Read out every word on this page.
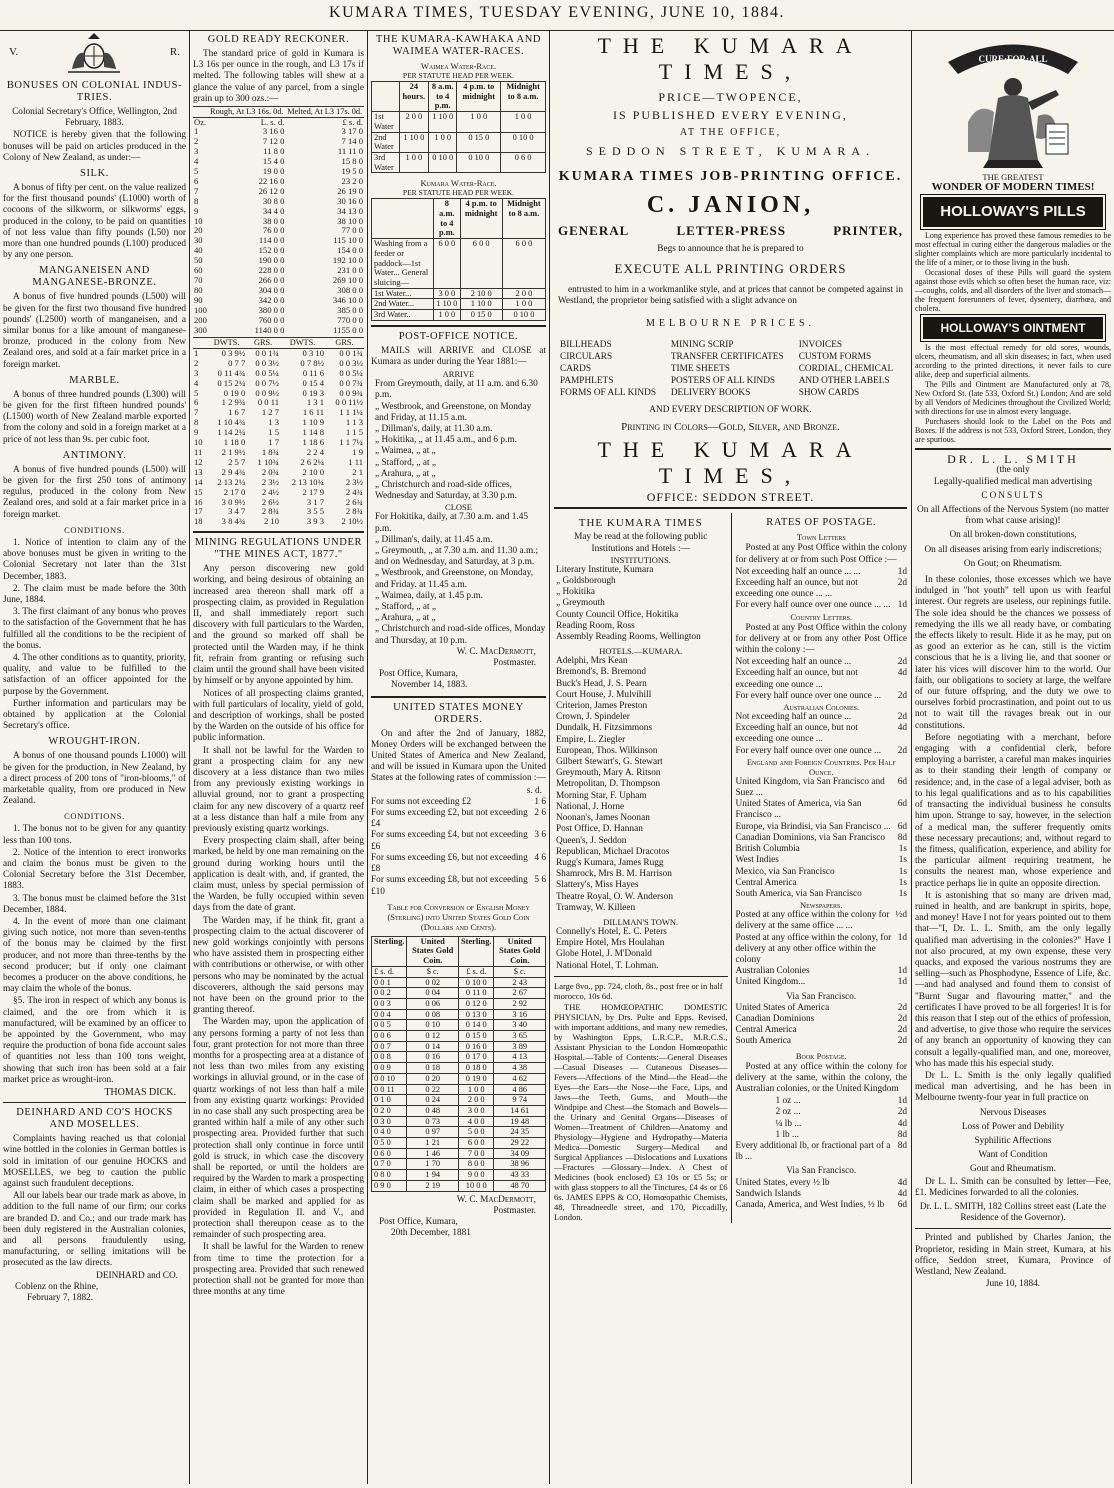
KUMARA TIMES, TUESDAY EVENING, JUNE 10, 1884.
V.	R.
BONUSES ON COLONIAL INDUS- TRIES.
Colonial Secretary's Office, Wellington, 2nd February, 1883.
NOTICE is hereby given that the following bonuses will be paid on articles produced in the Colony of New Zealand, as under:—
SILK.
A bonus of fifty per cent. on the value realized for the first thousand pounds' (L1000) worth of cocoons of the silkworm, or silkworms' eggs, produced in the colony, to be paid on quantities of not less value than fifty pounds (L50) nor more than one hundred pounds (L100) produced by any one person.
MANGANEISEN AND MANGANESE-BRONZE.
A bonus of five hundred pounds (L500) will be given for the first two thousand five hundred pounds' (L2500) worth of manganeisen, and a similar bonus for a like amount of manganese-bronze, produced in the colony from New Zealand ores, and sold at a fair market price in a foreign market.
MARBLE.
A bonus of three hundred pounds (L300) will be given for the first fifteen hundred pounds' (L1500) worth of New Zealand marble exported from the colony and sold in a foreign market at a price of not less than 9s. per cubic foot.
ANTIMONY.
A bonus of five hundred pounds (L500) will be given for the first 250 tons of antimony regulus, produced in the colony from New Zealand ores, and sold at a fair market price in a foreign market.
CONDITIONS.
1. Notice of intention to claim any of the above bonuses must be given in writing to the Colonial Secretary not later than the 31st December, 1883.
2. The claim must be made before the 30th June, 1884.
3. The first claimant of any bonus who proves to the satisfaction of the Government that he has fulfilled all the conditions to be the recipient of the bonus.
4. The other conditions as to quantity, priority, quality, and value to be fulfilled to the satisfaction of an officer appointed for the purpose by the Government.
Further information and particulars may be obtained by application at the Colonial Secretary's office.
WROUGHT-IRON.
A bonus of one thousand pounds L1000) will be given for the production, in New Zealand, by a direct process of 200 tons of "iron-blooms," of marketable quality, from ore produced in New Zealand.
CONDITIONS.
1. The bonus not to be given for any quantity less than 100 tons.
2. Notice of the intention to erect ironworks and claim the bonus must be given to the Colonial Secretary before the 31st December, 1883.
3. The bonus must be claimed before the 31st December, 1884.
4. In the event of more than one claimant giving such notice, not more than seven-tenths of the bonus may be claimed by the first producer, and not more than three-tenths by the second producer; but if only one claimant becomes a producer on the above conditions, he may claim the whole of the bonus.
§5. The iron in respect of which any bonus is claimed, and the ore from which it is manufactured, will be examined by an officer to be appointed by the Government, who may require the production of bona fide account sales of quantities not less than 100 tons weight, showing that such iron has been sold at a fair market price as wrought-iron.
THOMAS DICK.
DEINHARD AND CO'S HOCKS AND MOSELLES.
Complaints having reached us that colonial wine bottled in the colonies in German bottles is sold in imitation of our genuine HOCKS and MOSELLES, we beg to caution the public against such fraudulent deceptions.
All our labels bear our trade mark as above, in addition to the full name of our firm; our corks are branded D. and Co.; and our trade mark has been duly registered in the Australian colonies, and all persons fraudulently using, manufacturing, or selling imitations will be prosecuted as the law directs.
DEINHARD and CO.
Coblenz on the Rhine,
February 7, 1882.
GOLD READY RECKONER.
The standard price of gold in Kumara is L3 16s per ounce in the rough, and L3 17s if melted. The following tables will shew at a glance the value of any parcel, from a single grain up to 300 ozs.:—
	Rough, At L3 16s. 0d.	Melted, At L3 17s. 0d.
Oz.	L. s. d.	£ s. d.
1	3 16 0	3 17 0
2	7 12 0	7 14 0
3	11 8 0	11 11 0
4	15 4 0	15 8 0
5	19 0 0	19 5 0
6	22 16 0	23 2 0
7	26 12 0	26 19 0
8	30 8 0	30 16 0
9	34 4 0	34 13 0
10	38 0 0	38 10 0
20	76 0 0	77 0 0
30	114 0 0	115 10 0
40	152 0 0	154 0 0
50	190 0 0	192 10 0
60	228 0 0	231 0 0
70	266 0 0	269 10 0
80	304 0 0	308 0 0
90	342 0 0	346 10 0
100	380 0 0	385 0 0
200	760 0 0	770 0 0
300	1140 0 0	1155 0 0
	DWTS.	GRS.	DWTS.	GRS.
1	0 3 9½	0 0 1¾	0 3 10	0 0 1¾
2	0 7 7	0 0 3½	0 7 8½	0 0 3½
3	0 11 4¾	0 0 5¼	0 11 6	0 0 5¼
4	0 15 2¼	0 0 7½	0 15 4	0 0 7¾
5	0 19 0	0 0 9½	0 19 3	0 0 9¾
6	1 2 9¾	0 0 11	1 3 1	0 0 11½
7	1 6 7	1 2 7	1 6 11	1 1 1¼
8	1 10 4¾	1 3	1 10 9	1 1 3
9	1 14 2¼	1 5	1 14 8	1 1 5
10	1 18 0	1 7	1 18 6	1 1 7¼
11	2 1 9½	1 8¾	2 2 4	1 9
12	2 5 7	1 10¾	2 6 2¼	1 11
13	2 9 4¾	2 0¾	2 10 0	2 1
14	2 13 2¼	2 3½	2 13 10¾	2 3½
15	2 17 0	2 4½	2 17 9	2 4¾
16	3 0 9½	2 6½	3 1 7	2 6¾
17	3 4 7	2 8¾	3 5 5	2 8¾
18	3 8 4¾	2 10	3 9 3	2 10½
MINING REGULATIONS UNDER "THE MINES ACT, 1877."
Any person discovering new gold working, and being desirous of obtaining an increased area thereon shall mark off a prospecting claim, as provided in Regulation II, and shall immediately report such discovery with full particulars to the Warden, and the ground so marked off shall be protected until the Warden may, if he think fit, refrain from granting or refusing such claim until the ground shall have been visited by himself or by anyone appointed by him.
Notices of all prospecting claims granted, with full particulars of locality, yield of gold, and description of workings, shall be posted by the Warden on the outside of his office for public information.
It shall not be lawful for the Warden to grant a prospecting claim for any new discovery at a less distance than two miles from any previously existing workings in alluvial ground, nor to grant a prospecting claim for any new discovery of a quartz reef at a less distance than half a mile from any previously existing quartz workings.
Every prospecting claim shall, after being marked, be held by one man remaining on the ground during working hours until the application is dealt with, and, if granted, the claim must, unless by special permission of the Warden, be fully occupied within seven days from the date of grant.
The Warden may, if he think fit, grant a prospecting claim to the actual discoverer of new gold workings conjointly with persons who have assisted them in prospecting either with contributions or otherwise, or with other persons who may be nominated by the actual discoverers, although the said persons may not have been on the ground prior to the granting thereof.
The Warden may, upon the application of any persons forming a party of not less than four, grant protection for not more than three months for a prospecting area at a distance of not less than two miles from any existing workings in alluvial ground, or in the case of quartz workings of not less than half a mile from any existing quartz workings: Provided in no case shall any such prospecting area be granted within half a mile of any other such prospecting area. Provided further that such protection shall only continue in force until gold is struck, in which case the discovery shall be reported, or until the holders are required by the Warden to mark a prospecting claim, in either of which cases a prospecting claim shall be marked and applied for as provided in Regulation II. and V., and protection shall thereupon cease as to the remainder of such prospecting area.
It shall be lawful for the Warden to renew from time to time the protection for a prospecting area. Provided that such renewed protection shall not be granted for more than three months at any time
THE KUMARA-KAWHAKA AND WAIMEA WATER-RACES.
Waimea Water-Race.
PER STATUTE HEAD PER WEEK.
	24 hours.	8 a.m. to 4 p.m.	4 p.m. to midnight	Midnight to 8 a.m.
1st Water	2 0 0	1 10 0	1 0 0	1 0 0
2nd Water	1 10 0	1 0 0	0 15 0	0 10 0
3rd Water	1 0 0	0 10 0	0 10 0	0 6 0
Kumara Water-Race.
PER STATUTE HEAD PER WEEK.
	8 a.m. to 4 p.m.	4 p.m. to midnight	Midnight to 8 a.m.
Washing from a feeder or paddock—1st Water... General sluicing—	6 0 0	6 0 0	6 0 0
1st Water...	3 0 0	2 10 0	2 0 0
2nd Water...	1 10 0	1 10 0	1 0 0
3rd Water..	1 0 0	0 15 0	0 10 0
POST-OFFICE NOTICE.
MAILS will ARRIVE and CLOSE at Kumara as under during the Year 1881:—
ARRIVE
From Greymouth, daily, at 11 a.m. and 6.30 p.m.
„ Westbrook, and Greenstone, on Monday and Friday, at 11.15 a.m.
„ Dillman's, daily, at 11.30 a.m.
„ Hokitika, „ at 11.45 a.m., and 6 p.m.
„ Waimea, „ at „
„ Stafford, „ at „
„ Arahura, „ at „
„ Christchurch and road-side offices, Wednesday and Saturday, at 3.30 p.m.
CLOSE
For Hokitika, daily, at 7.30 a.m. and 1.45 p.m.
„ Dillman's, daily, at 11.45 a.m.
„ Greymouth, „ at 7.30 a.m. and 11.30 a.m.; and on Wednesday, and Saturday, at 3 p.m.
„ Westbrook, and Greenstone, on Monday, and Friday. at 11.45 a.m.
„ Waimea, daily, at 1.45 p.m.
„ Stafford, „ at „
„ Arahura, „ at „
„ Christchurch and road-side offices, Monday and Thursday, at 10 p.m.
W. C. MacDermott,
Postmaster.
Post Office, Kumara,
November 14, 1883.
UNITED STATES MONEY ORDERS.
On and after the 2nd of January, 1882, Money Orders will be exchanged between the United States of America and New Zealand, and will be issued in Kumara upon the United States at the following rates of commission :—
s. d.
For sums not exceeding £2	1 6
For sums exceeding £2, but not exceeding £4
2 6
For sums exceeding £4, but not exceeding £6
3 6
For sums exceeding £6, but not exceeding £8
4 6
For sums exceeding £8, but not exceeding £10
5 6
Table for Conversion of English Money (Sterling) into United States Gold Coin (Dollars and Cents).
Sterling.	United States Gold Coin.	Sterling.	United States Gold Coin.
£ s. d.	$ c.	£ s. d.	$ c.
0 0 1	0 02	0 10 0	2 43
0 0 2	0 04	0 11 0	2 67
0 0 3	0 06	0 12 0	2 92
0 0 4	0 08	0 13 0	3 16
0 0 5	0 10	0 14 0	3 40
0 0 6	0 12	0 15 0	3 65
0 0 7	0 14	0 16 0	3 89
0 0 8	0 16	0 17 0	4 13
0 0 9	0 18	0 18 0	4 38
0 0 10	0 20	0 19 0	4 62
0 0 11	0 22	1 0 0	4 86
0 1 0	0 24	2 0 0	9 74
0 2 0	0 48	3 0 0	14 61
0 3 0	0 73	4 0 0	19 48
0 4 0	0 97	5 0 0	24 35
0 5 0	1 21	6 0 0	29 22
0 6 0	1 46	7 0 0	34 09
0 7 0	1 70	8 0 0	38 96
0 8 0	1 94	9 0 0	43 33
0 9 0	2 19	10 0 0	48 70
W. C. MacDermott,
Postmaster.
Post Office, Kumara,
20th December, 1881
THE KUMARA TIMES,
PRICE—TWOPENCE,
IS PUBLISHED EVERY EVENING,
AT THE OFFICE,
SEDDON STREET, KUMARA.
KUMARA TIMES JOB-PRINTING OFFICE.
C. JANION,
GENERAL	LETTER-PRESS	PRINTER,
Begs to announce that he is prepared to
EXECUTE ALL PRINTING ORDERS
entrusted to him in a workmanlike style, and at prices that cannot be competed against in Westland, the proprietor being satisfied with a slight advance on
MELBOURNE PRICES.
BILLHEADS
CIRCULARS
CARDS
PAMPHLETS
FORMS OF ALL KINDS
MINING SCRIP
TRANSFER CERTIFICATES
TIME SHEETS
POSTERS OF ALL KINDS
DELIVERY BOOKS
INVOICES
CUSTOM FORMS
CORDIAL, CHEMICAL
AND OTHER LABELS
SHOW CARDS
AND EVERY DESCRIPTION OF WORK.
Printing in Colors—Gold, Silver, and Bronze.
THE KUMARA TIMES,
OFFICE: SEDDON STREET.
THE KUMARA TIMES
May be read at the following public Institutions and Hotels :—
INSTITUTIONS.
Literary Institute, Kumara
„ Goldsborough
„ Hokitika
„ Greymouth
County Council Office, Hokitika
Reading Room, Ross
Assembly Reading Rooms, Wellington
HOTELS.—KUMARA.
Adelphi, Mrs Kean
Bremond's, B. Bremond
Buck's Head, J. S. Pearn
Court House, J. Mulvihill
Criterion, James Preston
Crown, J. Spindeler
Dundalk, H. Fitzsimmons
Empire, L. Ziegler
European, Thos. Wilkinson
Gilbert Stewart's, G. Stewart
Greymouth, Mary A. Ritson
Metropolitan, D. Thompson
Morning Star, F. Upham
National, J. Horne
Noonan's, James Noonan
Post Office, D. Hannan
Queen's, J. Seddon
Republican, Michael Dracotos
Rugg's Kumara, James Rugg
Shamrock, Mrs B. M. Harrison
Slattery's, Miss Hayes
Theatre Royal, O. W. Anderson
Tramway, W. Killeen
DILLMAN'S TOWN.
Connelly's Hotel, E. C. Peters
Empire Hotel, Mrs Houlahan
Globe Hotel, J. M'Donald
National Hotel, T. Lohman.
Large 8vo., pp. 724, cloth, 8s., post free or in half morocco, 10s 6d.
THE HOMŒOPATHIC DOMESTIC PHYSICIAN, by Drs. Pulte and Epps. Revised, with important additions, and many new remedies, by Washington Epps, L.R.C.P., M.R.C.S., Assistant Physician to the London Homœopathic Hospital.—Table of Contents:—General Diseases—Casual Diseases — Cutaneous Diseases—Fevers—Affections of the Mind—the Head—the Eyes—the Ears—the Nose—the Face, Lips, and Jaws—the Teeth, Gums, and Mouth—the Windpipe and Chest—the Stomach and Bowels—the Urinary and Genital Organs—Diseases of Women—Treatment of Children—Anatomy and Physiology—Hygiene and Hydropathy—Materia Medica—Domestic Surgery—Medical and Surgical Appliances —Dislocations and Luxations—Fractures —Glossary—Index. A Chest of Medicines (book enclosed) £3 10s or £5 5s; or with glass stoppers to all the Tinctures, £4 4s or £6 6s. JAMES EPPS & CO, Homœopathic Chemists, 48, Threadneedle street, and 170, Piccadilly, London.
RATES OF POSTAGE.
Town Letters
Posted at any Post Office within the colony for delivery at or from such Post Office :—
Not exceeding half an ounce ... ...	1d
Exceeding half an ounce, but not exceeding one ounce ... ...
2d
For every half ounce over one ounce ... ... 1d
Country Letters.
Posted at any Post Office within the colony for delivery at or from any other Post Office within the colony :—
Not exceeding half an ounce ...	2d
Exceeding half an ounce, but not exceeding one ounce ...
4d
For every half ounce over one ounce ...	2d
Australian Colonies.
Not exceeding half an ounce ...	2d
Exceeding half an ounce, but not exceeding one ounce ...
4d
For every half ounce over one ounce ...	2d
England and Foreign Countries. Per Half Ounce.
United Kingdom, via San Francisco and Suez ...
6d
United States of America, via San Francisco ...
6d
Europe, via Brindisi, via San Francisco ... 6d
Canadian Dominions, via San Francisco	8d
British Columbia	1s
West Indies	1s
Mexico, via San Francisco	1s
Central America	1s
South America, via San Francisco	1s
Newspapers.
Posted at any office within the colony for delivery at the same office ... ...
½d
Posted at any office within the colony, for delivery at any other office within the colony
1d
Australian Colonies	1d
United Kingdom...	1d
Via San Francisco.
United States of America	2d
Canadian Dominions	2d
Central America	2d
South America	2d
Book Postage.
Posted at any office within the colony for delivery at the same, within the colony, the Australian colonies, or the United Kingdom
1 oz ...	1d
2 oz ...	2d
¼ lb ...	4d
1 lb ...	8d
Every additional lb, or fractional part of a lb ...
8d
Via San Francisco.
United States, every ½ lb	4d
Sandwich Islands	4d
Canada, America, and West Indies, ½ lb	6d
CURE·FOR·ALL
THE GREATEST
WONDER OF MODERN TIMES!
HOLLOWAY'S PILLS
Long experience has proved these famous remedies to be most effectual in curing either the dangerous maladies or the slighter complaints which are more particularly incidental to the life of a miner, or to those living in the bush.
Occasional doses of these Pills will guard the system against those evils which so often beset the human race, viz:—coughs, colds, and all disorders of the liver and stomach—the frequent forerunners of fever, dysentery, diarrhœa, and cholera.
HOLLOWAY'S OINTMENT
Is the most effectual remedy for old sores, wounds, ulcers, rheumatism, and all skin diseases; in fact, when used according to the printed directions, it never fails to cure alike, deep and superficial ailments.
The Pills and Ointment are Manufactured only at 78, New Oxford St. (late 533, Oxford St.) London; And are sold by all Vendors of Medicines throughout the Civilized World; with directions for use in almost every language.
Purchasers should look to the Label on the Pots and Boxes. If the address is not 533, Oxford Street, London, they are spurious.
DR. L. L. SMITH
(the only
Legally-qualified medical man advertising
CONSULTS
On all Affections of the Nervous System (no matter from what cause arising)!
On all broken-down constitutions,
On all diseases arising from early indiscretions;
On Gout; on Rheumatism.
In these colonies, those excesses which we have indulged in "hot youth" tell upon us with fearful interest. Our regrets are useless, our repinings futile. The sole idea should be the chances we possess of remedying the ills we all ready have, or combating the effects likely to result. Hide it as he may, put on as good an exterior as he can, still is the victim conscious that he is a living lie, and that sooner or later his vices will discover him to the world. Our faith, our obligations to society at large, the welfare of our future offspring, and the duty we owe to ourselves forbid procrastination, and point out to us not to wait till the ravages break out in our constitutions.
Before negotiating with a merchant, before engaging with a confidential clerk, before employing a barrister, a careful man makes inquiries as to their standing their length of company or residence; and, in the case of a legal adviser, both as to his legal qualifications and as to his capabilities of transacting the individual business he consults him upon. Strange to say, however, in the selection of a medical man, the sufferer frequently omits these necessary precautions; and, without regard to the fitness, qualification, experience, and ability for the particular ailment requiring treatment, he consults the nearest man, whose experience and practice perhaps lie in quite an opposite direction.
It is astonishing that so many are driven mad, ruined in health, and are bankrupt in spirits, hope, and money! Have I not for years pointed out to them that—"I, Dr. L. L. Smith, am the only legally qualified man advertising in the colonies?" Have I not also procured, at my own expense, these very quacks, and exposed the various nostrums they are selling—such as Phosphodyne, Essence of Life, &c.—and had analysed and found them to consist of "Burnt Sugar and flavouring matter," and the certificates I have proved to be all forgeries! It is for this reason that I step out of the ethics of profession, and advertise, to give those who require the services of any branch an opportunity of knowing they can consult a legally-qualified man, and one, moreover, who has made this his especial study.
Dr L. L. Smith is the only legally qualified medical man advertising, and he has been in Melbourne twenty-four year in full practice on
Nervous Diseases
Loss of Power and Debility
Syphilitic Affections
Want of Condition
Gout and Rheumatism.
Dr L. L. Smith can be consulted by letter—Fee, £1. Medicines forwarded to all the colonies.
Dr. L. L. SMITH, 182 Collins street east (Late the Residence of the Governor).
Printed and published by Charles Janion, the Proprietor, residing in Main street, Kumara, at his office, Seddon street, Kumara, Province of Westland, New Zealand.
June 10, 1884.
